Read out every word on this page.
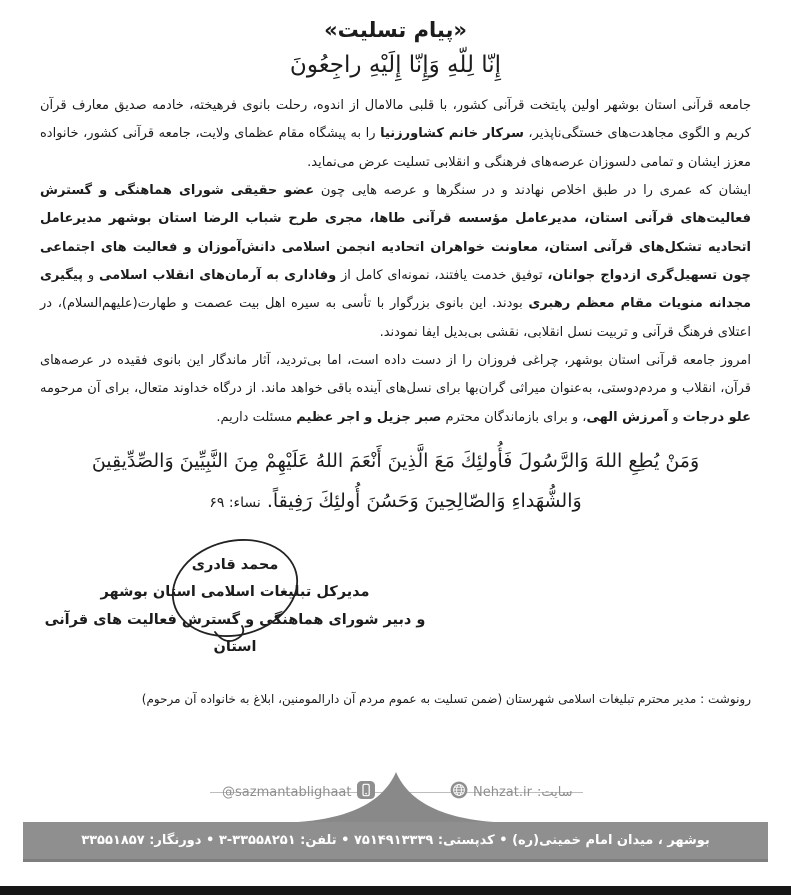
«پیام تسلیت»
إِنّا لِلّهِ وَإِنّا إِلَيْهِ راجِعُونَ

جامعه قرآنی استان بوشهر اولین پایتخت قرآنی کشور، با قلبی مالامال از اندوه، رحلت بانوی فرهیخته، خادمه صدیق معارف قرآن کریم و الگوی مجاهدت‌های خستگی‌ناپذیر، سرکار خانم کشاورزنیا را به پیشگاه مقام عظمای ولایت، جامعه قرآنی کشور، خانواده معزز ایشان و تمامی دلسوزان عرصه‌های فرهنگی و انقلابی تسلیت عرض می‌نماید.

ایشان که عمری را در طبق اخلاص نهادند و در سنگرها و عرصه هایی چون عضو حقیقی شورای هماهنگی و گسترش فعالیت‌های قرآنی استان، مدیرعامل مؤسسه قرآنی طاها، مجری طرح شباب الرضا استان بوشهر مدیرعامل اتحادیه تشکل‌های قرآنی استان، معاونت خواهران اتحادیه انجمن اسلامی دانش‌آموزان و فعالیت های اجتماعی چون تسهیل‌گری ازدواج جوانان، توفیق خدمت یافتند، نمونه‌ای کامل از وفاداری به آرمان‌های انقلاب اسلامی و پیگیری مجدانه منویات مقام معظم رهبری بودند. این بانوی بزرگوار با تأسی به سیره اهل بیت عصمت و طهارت(علیهم‌السلام)، در اعتلای فرهنگ قرآنی و تربیت نسل انقلابی، نقشی بی‌بدیل ایفا نمودند.

امروز جامعه قرآنی استان بوشهر، چراغی فروزان را از دست داده است، اما بی‌تردید، آثار ماندگار این بانوی فقیده در عرصه‌های قرآن، انقلاب و مردم‌دوستی، به‌عنوان میراثی گران‌بها برای نسل‌های آینده باقی خواهد ماند. از درگاه خداوند متعال، برای آن مرحومه علو درجات و آمرزش الهی، و برای بازماندگان محترم صبر جزیل و اجر عظیم مسئلت داریم.

وَمَنْ يُطِعِ اللهَ وَالرَّسُولَ فَأُولئِكَ مَعَ الَّذِينَ أَنْعَمَ اللهُ عَلَيْهِمْ مِنَ النَّبِيِّينَ وَالصِّدِّيقِينَ وَالشُّهَداءِ وَالصّالِحِينَ وَحَسُنَ أُولئِكَ رَفِيقاً. نساء: ۶۹
محمد قادری
مدیرکل تبلیغات اسلامی استان بوشهر
و دبیر شورای هماهنگی و گسترش فعالیت های قرآنی استان
رونوشت : مدیر محترم تبلیغات اسلامی شهرستان (ضمن تسلیت به عموم مردم آن دارالمومنین، ابلاغ به خانواده آن مرحوم)
@sazmantablighaat	سایت:
Nehzat.ir
بوشهر ، میدان امام خمینی(ره) • کدپستی: ۷۵۱۴۹۱۳۳۳۹ • تلفن: ۳۳۵۵۸۲۵۱-۳ • دورنگار: ۳۳۵۵۱۸۵۷
